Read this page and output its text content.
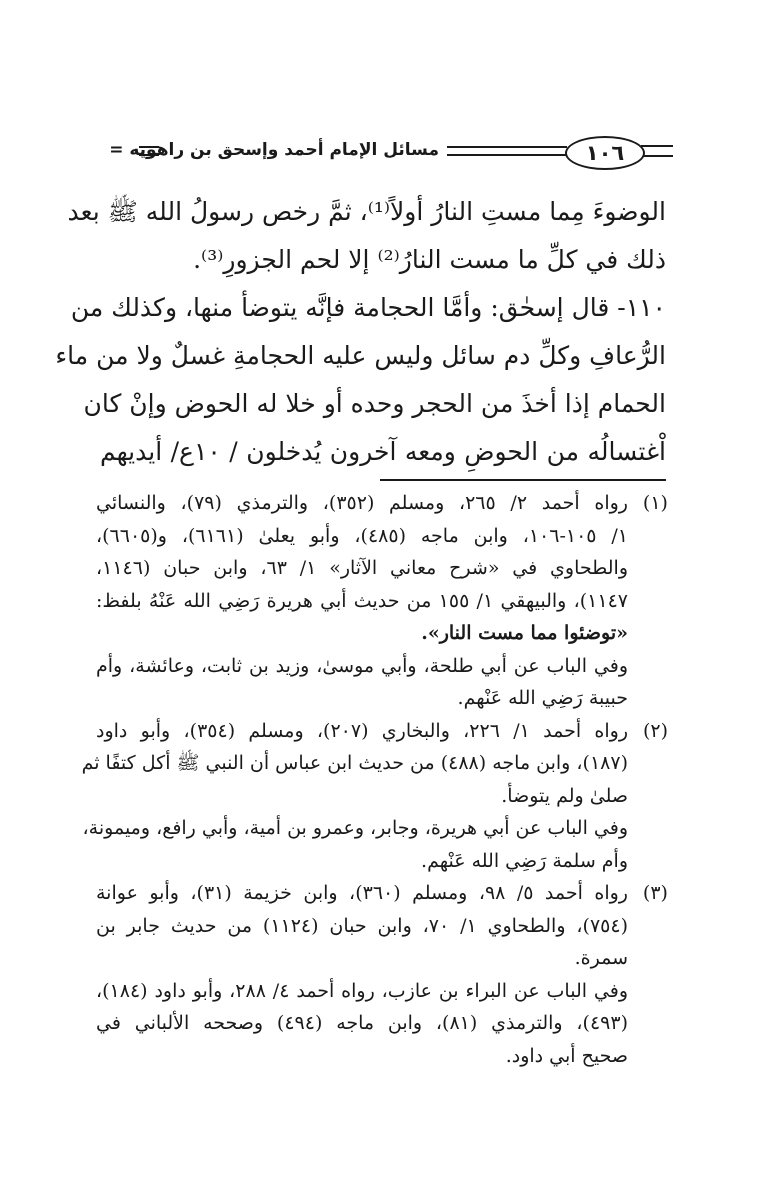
١٠٦
مسائل الإمام أحمد وإسحق بن راهويه =
الوضوءَ مِما مستِ النارُ أولاً⁽¹⁾، ثمَّ رخص رسولُ الله ﷺ بعد
ذلك في كلِّ ما مست النارُ⁽²⁾ إلا لحم الجزورِ⁽³⁾.
١١٠- قال إسحٰق: وأمَّا الحجامة فإنَّه يتوضأ منها، وكذلك من
الرُّعافِ وكلِّ دم سائل وليس عليه الحجامةِ غسلٌ ولا من ماء
الحمام إذا أخذَ من الحجر وحده أو خلا له الحوض وإنْ كان
اْغتسالُه من الحوضِ ومعه آخرون يُدخلون / ١٠ع/ أيديهم
(١)رواه أحمد ٢/ ٢٦٥، ومسلم (٣٥٢)، والترمذي (٧٩)، والنسائي
١/ ١٠٥-١٠٦، وابن ماجه (٤٨٥)، وأبو يعلىٰ (٦١٦١)، و(٦٦٠٥)،
والطحاوي في «شرح معاني الآثار» ١/ ٦٣، وابن حبان (١١٤٦،
١١٤٧)، والبيهقي ١/ ١٥٥ من حديث أبي هريرة رَضِي الله عَنْهُ بلفظ:
«توضئوا مما مست النار».
وفي الباب عن أبي طلحة، وأبي موسىٰ، وزيد بن ثابت، وعائشة، وأم
حبيبة رَضِي الله عَنْهم.
(٢)رواه أحمد ١/ ٢٢٦، والبخاري (٢٠٧)، ومسلم (٣٥٤)، وأبو داود
(١٨٧)، وابن ماجه (٤٨٨) من حديث ابن عباس أن النبي ﷺ أكل كتفًا ثم
صلىٰ ولم يتوضأ.
وفي الباب عن أبي هريرة، وجابر، وعمرو بن أمية، وأبي رافع، وميمونة،
وأم سلمة رَضِي الله عَنْهم.
(٣)رواه أحمد ٥/ ٩٨، ومسلم (٣٦٠)، وابن خزيمة (٣١)، وأبو عوانة
(٧٥٤)، والطحاوي ١/ ٧٠، وابن حبان (١١٢٤) من حديث جابر بن
سمرة.
وفي الباب عن البراء بن عازب، رواه أحمد ٤/ ٢٨٨، وأبو داود (١٨٤)،
(٤٩٣)، والترمذي (٨١)، وابن ماجه (٤٩٤) وصححه الألباني في
صحيح أبي داود.
